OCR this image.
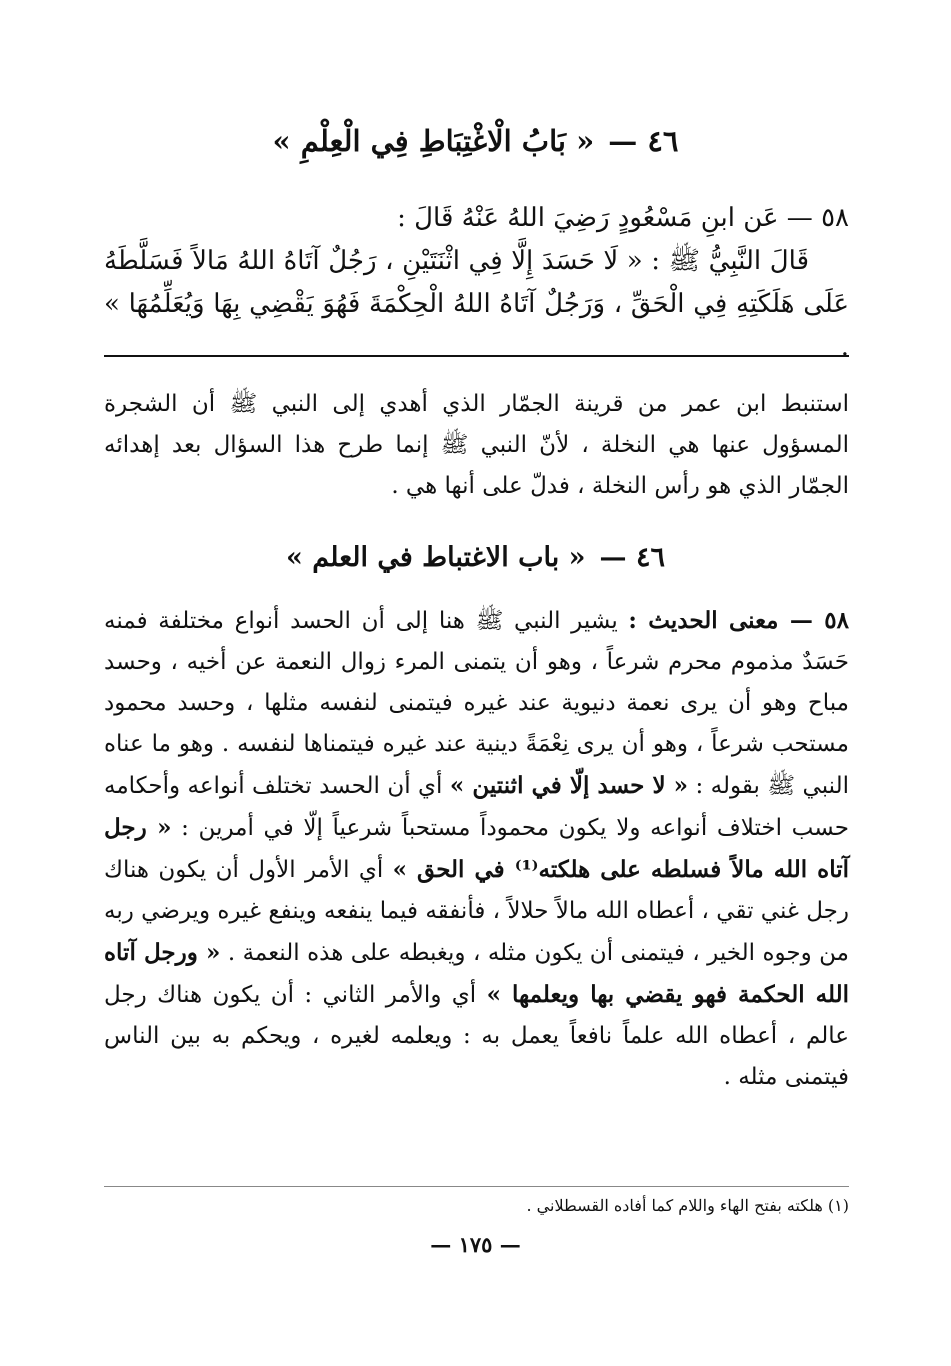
٤٦ —« بَابُ الْاغْتِبَاطِ فِي الْعِلْمِ »
٥٨ — عَن ابنِ مَسْعُودٍ رَضِيَ اللهُ عَنْهُ قَالَ :
قَالَ النَّبِيُّ ﷺ : « لَا حَسَدَ إِلَّا فِي اثْنَتَيْنِ ، رَجُلٌ آتَاهُ اللهُ مَالاً فَسَلَّطَهُ عَلَى هَلَكَتِهِ فِي الْحَقِّ ، وَرَجُلٌ آتَاهُ اللهُ الْحِكْمَةَ فَهُوَ يَقْضِي بِهَا وَيُعَلِّمُهَا » .
استنبط ابن عمر من قرينة الجمّار الذي أهدي إلى النبي ﷺ أن الشجرة المسؤول عنها هي النخلة ، لأنّ النبي ﷺ إنما طرح هذا السؤال بعد إهدائه الجمّار الذي هو رأس النخلة ، فدلّ على أنها هي .
٤٦ —« باب الاغتباط في العلم »
٥٨ — معنى الحديث : يشير النبي ﷺ هنا إلى أن الحسد أنواع مختلفة فمنه حَسَدٌ مذموم محرم شرعاً ، وهو أن يتمنى المرء زوال النعمة عن أخيه ، وحسد مباح وهو أن يرى نعمة دنيوية عند غيره فيتمنى لنفسه مثلها ، وحسد محمود مستحب شرعاً ، وهو أن يرى نِعْمَةً دينية عند غيره فيتمناها لنفسه . وهو ما عناه النبي ﷺ بقوله : « لا حسد إلّا في اثنتين » أي أن الحسد تختلف أنواعه وأحكامه حسب اختلاف أنواعه ولا يكون محموداً مستحباً شرعياً إلّا في أمرين : « رجل آتاه الله مالاً فسلطه على هلكته⁽¹⁾ في الحق » أي الأمر الأول أن يكون هناك رجل غني تقي ، أعطاه الله مالاً حلالاً ، فأنفقه فيما ينفعه وينفع غيره ويرضي ربه من وجوه الخير ، فيتمنى أن يكون مثله ، ويغبطه على هذه النعمة . « ورجل آتاه الله الحكمة فهو يقضي بها ويعلمها » أي والأمر الثاني : أن يكون هناك رجل عالم ، أعطاه الله علماً نافعاً يعمل به : ويعلمه لغيره ، ويحكم به بين الناس فيتمنى مثله .
(١) هلكته بفتح الهاء واللام كما أفاده القسطلاني .
— ١٧٥ —
